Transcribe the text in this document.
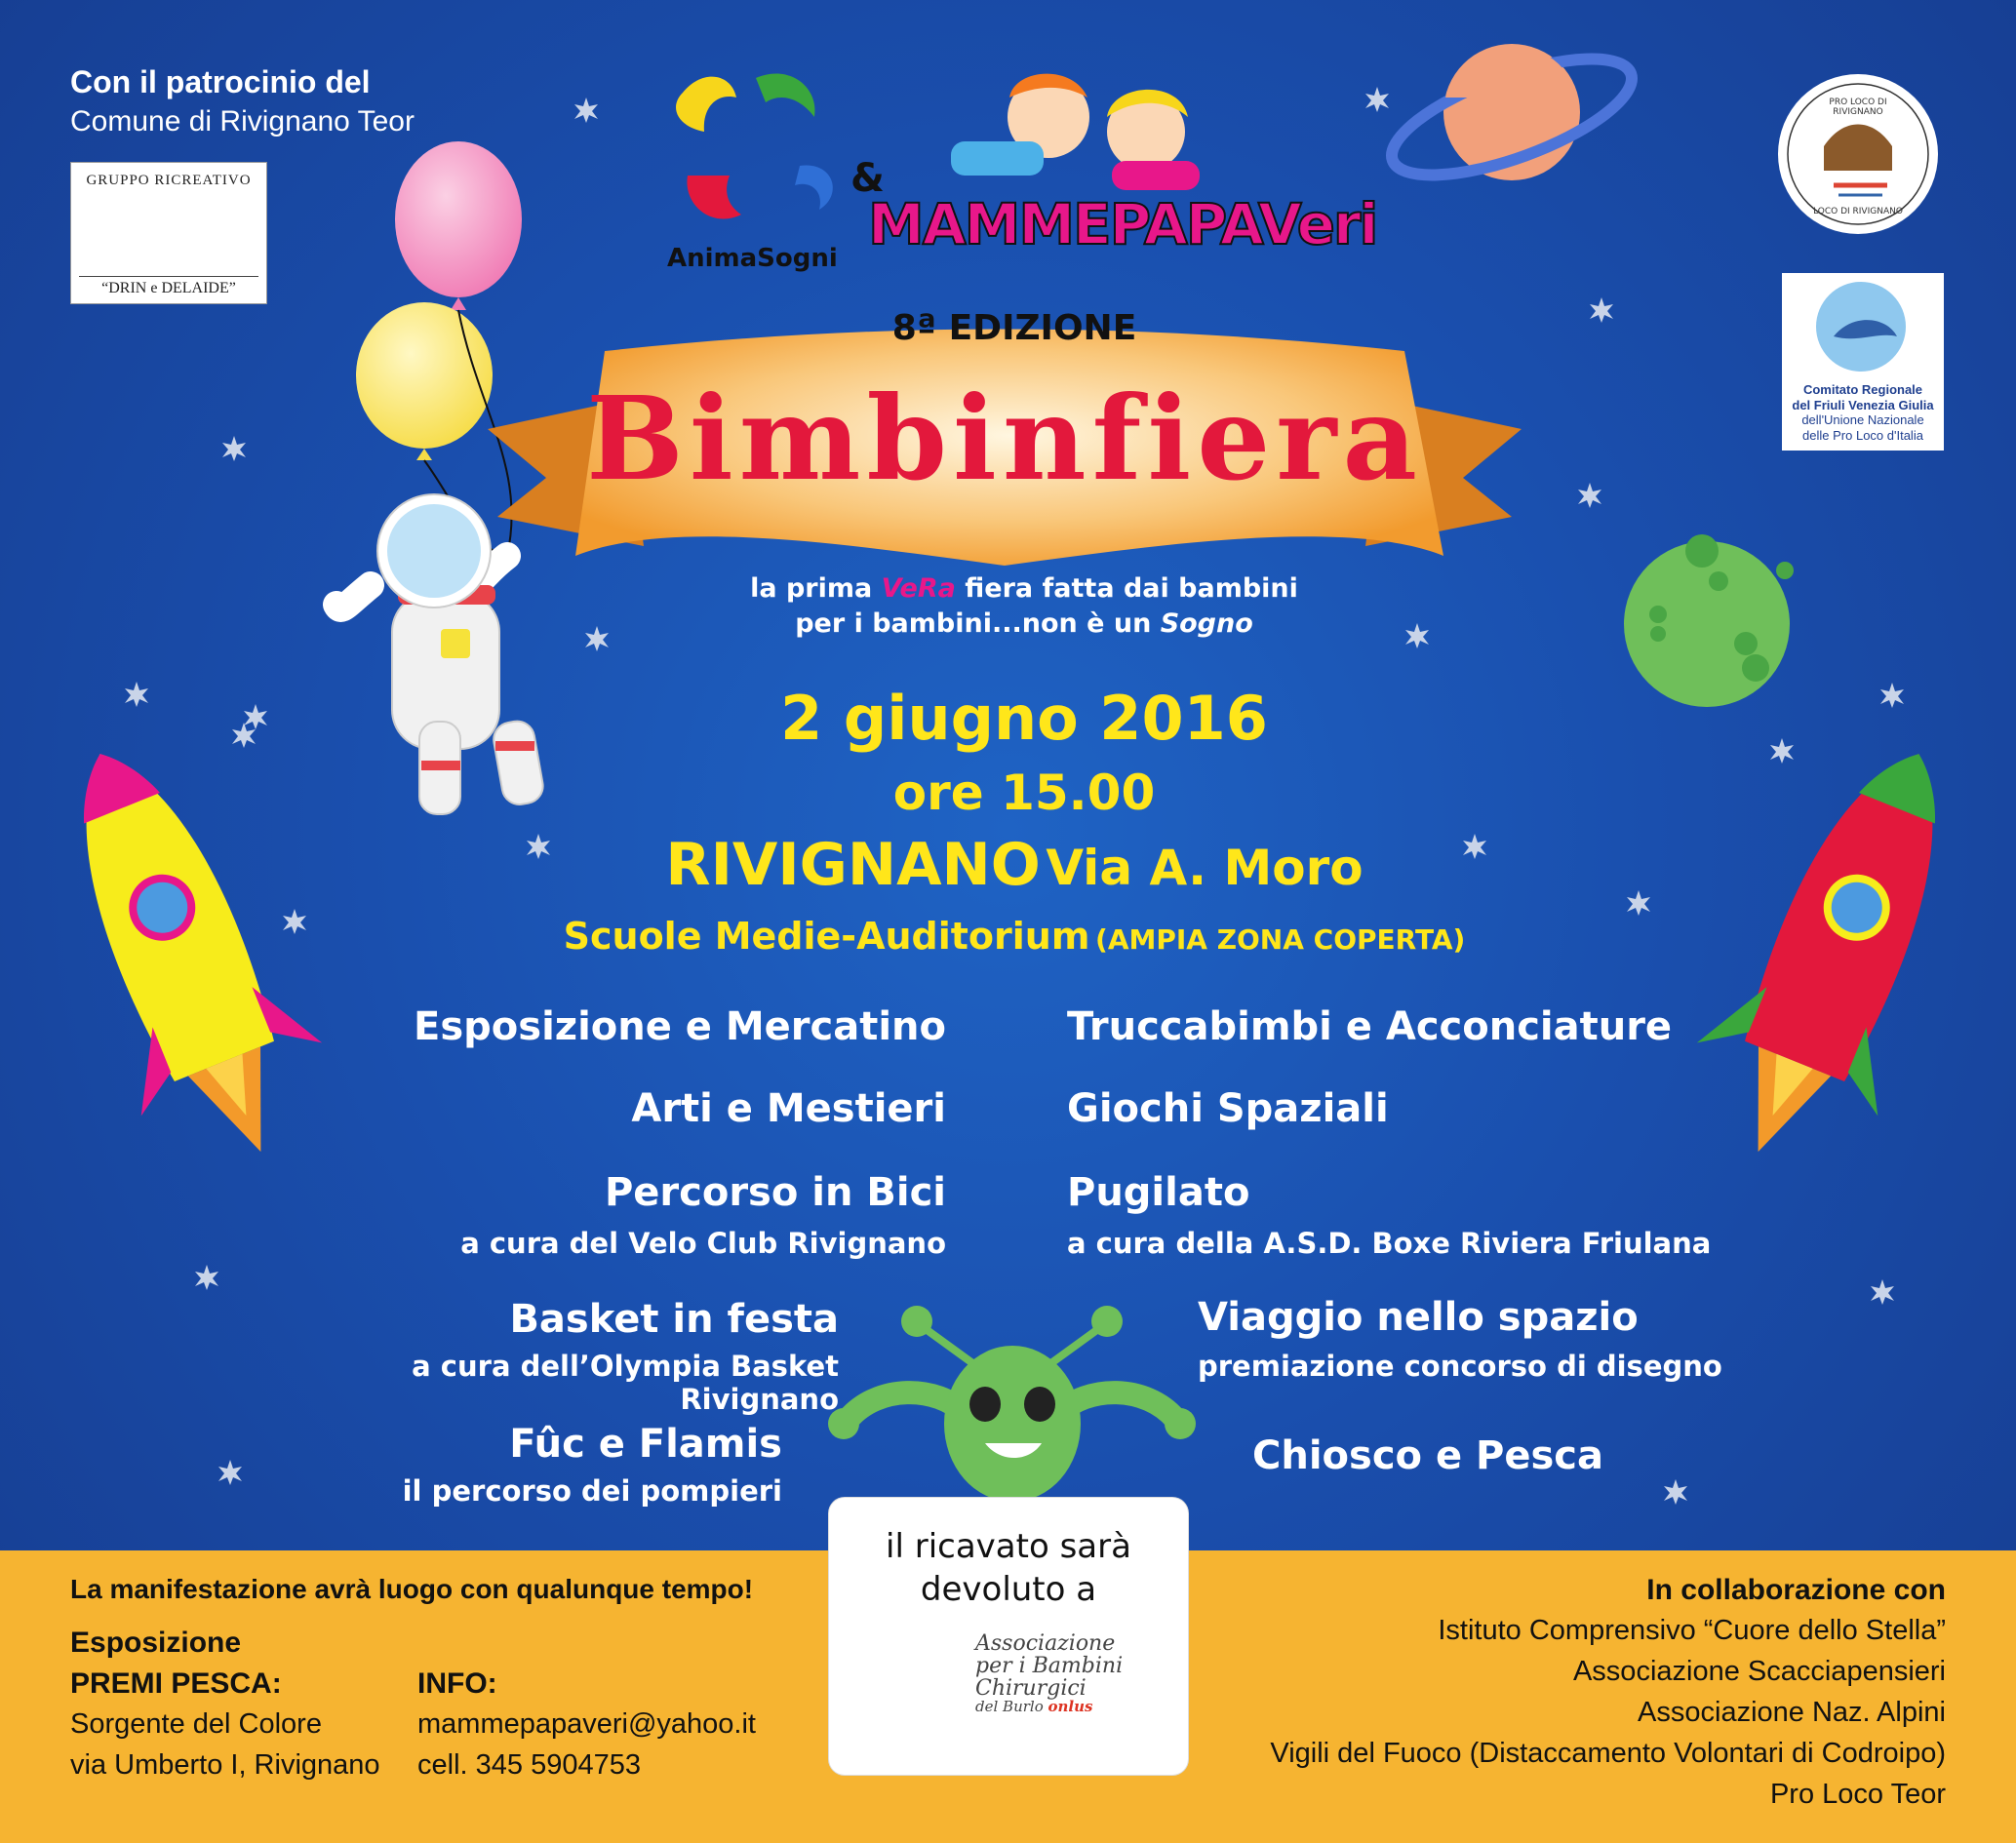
Con il patrocinio del
Comune di Rivignano Teor
GRUPPO RICREATIVO
“DRIN e DELAIDE”
AnimaSogni
&
MAMMEPAPAVeri
Comitato Regionale
del Friuli Venezia Giulia
dell'Unione Nazionale
delle Pro Loco d'Italia
PRO LOCO DI RIVIGNANO
LOCO DI RIVIGNANO
8ª EDIZIONE
Bimbinfiera
la prima VeRa fiera fatta dai bambini
per i bambini...non è un Sogno
2 giugno 2016
ore 15.00
RIVIGNANO Via A. Moro
Scuole Medie-Auditorium (AMPIA ZONA COPERTA)
Esposizione e Mercatino
Arti e Mestieri
Percorso in Bici
a cura del Velo Club Rivignano
Basket in festa
a cura dell’Olympia Basket Rivignano
Fûc e Flamis
il percorso dei pompieri
Truccabimbi e Acconciature
Giochi Spaziali
Pugilato
a cura della A.S.D. Boxe Riviera Friulana
Viaggio nello spazio
premiazione concorso di disegno
Chiosco e Pesca
La manifestazione avrà luogo con qualunque tempo!
Esposizione
PREMI PESCA:
Sorgente del Colore
via Umberto I, Rivignano
INFO:
mammepapaveri@yahoo.it
cell. 345 5904753
In collaborazione con
Istituto Comprensivo “Cuore dello Stella”
Associazione Scacciapensieri
Associazione Naz. Alpini
Vigili del Fuoco (Distaccamento Volontari di Codroipo)
Pro Loco Teor
il ricavato sarà
devoluto a
Associazione
per i Bambini
Chirurgici
del Burlo onlus
